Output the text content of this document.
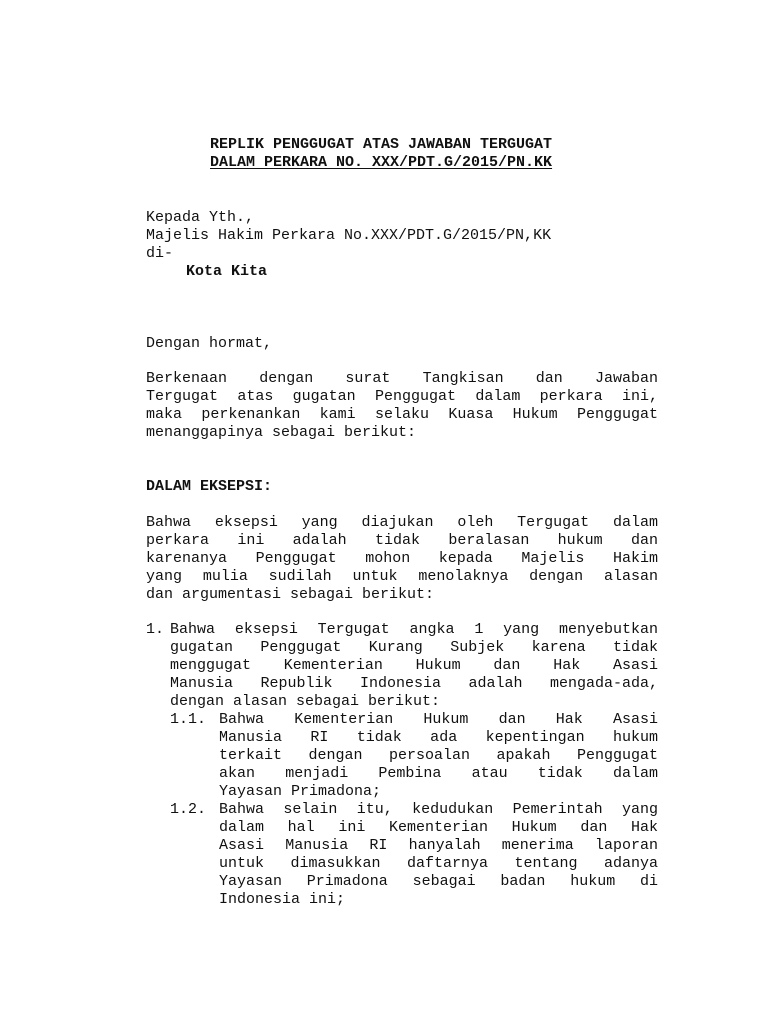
REPLIK PENGGUGAT ATAS JAWABAN TERGUGAT
DALAM PERKARA NO. XXX/PDT.G/2015/PN.KK
Kepada Yth.,
Majelis Hakim Perkara No.XXX/PDT.G/2015/PN,KK
di-
Kota Kita
Dengan hormat,
Berkenaan dengan surat Tangkisan dan Jawaban
Tergugat atas gugatan Penggugat dalam perkara ini,
maka perkenankan kami selaku Kuasa Hukum Penggugat
menanggapinya sebagai berikut:
DALAM EKSEPSI:
Bahwa eksepsi yang diajukan oleh Tergugat dalam
perkara ini adalah tidak beralasan hukum dan
karenanya Penggugat mohon kepada Majelis Hakim
yang mulia sudilah untuk menolaknya dengan alasan
dan argumentasi sebagai berikut:
1. Bahwa eksepsi Tergugat angka 1 yang menyebutkan
gugatan Penggugat Kurang Subjek karena tidak
menggugat Kementerian Hukum dan Hak Asasi
Manusia Republik Indonesia adalah mengada-ada,
dengan alasan sebagai berikut:
1.1. Bahwa Kementerian Hukum dan Hak Asasi
Manusia RI tidak ada kepentingan hukum
terkait dengan persoalan apakah Penggugat
akan menjadi Pembina atau tidak dalam
Yayasan Primadona;
1.2. Bahwa selain itu, kedudukan Pemerintah yang
dalam hal ini Kementerian Hukum dan Hak
Asasi Manusia RI hanyalah menerima laporan
untuk dimasukkan daftarnya tentang adanya
Yayasan Primadona sebagai badan hukum di
Indonesia ini;
